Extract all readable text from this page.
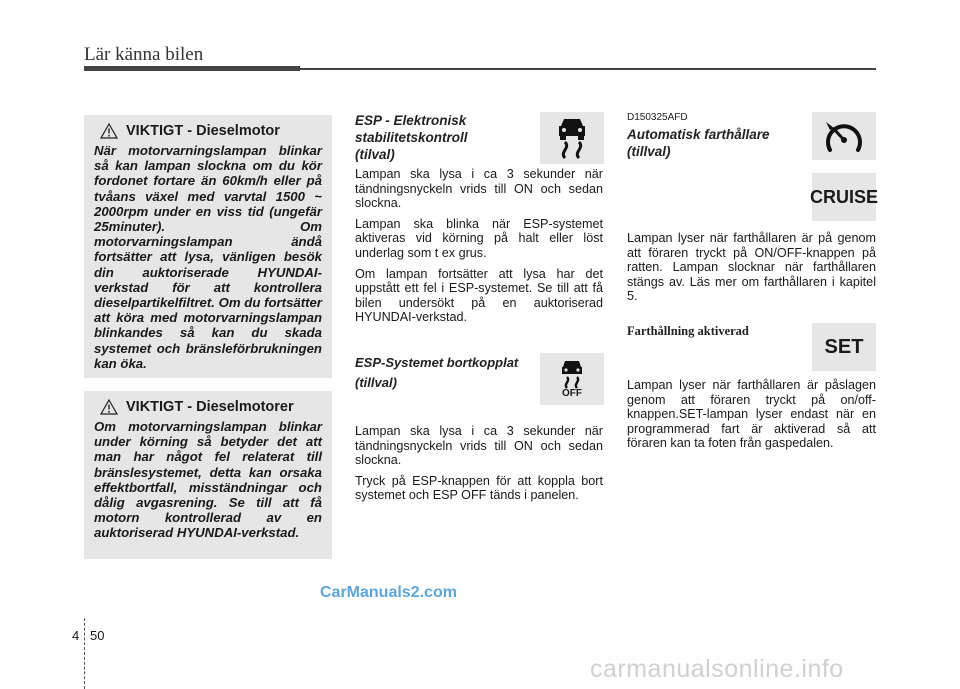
Lär känna bilen
VIKTIGT - Dieselmotor
När motorvarningslampan blinkar så kan lampan slockna om du kör fordonet fortare än 60km/h eller på tvåans växel med varvtal 1500 ~ 2000rpm under en viss tid (ungefär 25minuter). Om motorvarningslampan ändå fortsätter att lysa, vänligen besök din auktoriserade HYUNDAI-verkstad för att kontrollera dieselpartikelfiltret. Om du fortsätter att köra med motorvarningslampan blinkandes så kan du skada systemet och bränsleförbrukningen kan öka.
VIKTIGT - Dieselmotorer
Om motorvarningslampan blinkar under körning så betyder det att man har något fel relaterat till bränslesystemet, detta kan orsaka effektbortfall, misständningar och dålig avgasrening. Se till att få motorn kontrollerad av en auktoriserad HYUNDAI-verkstad.
ESP - Elektronisk
stabilitetskontroll
(tilval)

Lampan ska lysa i ca 3 sekunder när tändningsnyckeln vrids till ON och sedan slockna.

Lampan ska blinka när ESP-systemet aktiveras vid körning på halt eller löst underlag som t ex grus.

Om lampan fortsätter att lysa har det uppstått ett fel i ESP-systemet. Se till att få bilen undersökt på en auktoriserad HYUNDAI-verkstad.

ESP-Systemet bortkopplat
(tillval)
OFF

Lampan ska lysa i ca 3 sekunder när tändningsnyckeln vrids till ON och sedan slockna.

Tryck på ESP-knappen för att koppla bort systemet och ESP OFF tänds i panelen.

D150325AFD
Automatisk farthållare
(tillval)
CRUISE

Lampan lyser när farthållaren är på genom att föraren tryckt på ON/OFF-knappen på ratten. Lampan slocknar när farthållaren stängs av. Läs mer om farthållaren i kapitel 5.

Farthållning aktiverad
SET

Lampan lyser när farthållaren är påslagen genom att föraren tryckt på on/off-knappen.SET-lampan lyser endast när en programmerad fart är aktiverad så att föraren kan ta foten från gaspedalen.

CarManuals2.com
4 50
carmanualsonline.info
